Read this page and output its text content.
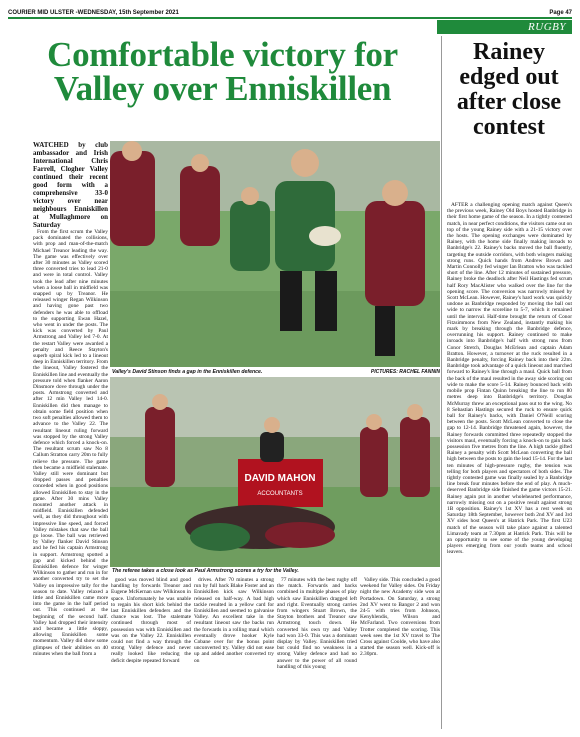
COURIER MID ULSTER -WEDNESDAY, 15th September 2021	Page 47
RUGBY
Comfortable victory for Valley over Enniskillen
Valley's David Stinson finds a gap in the Enniskillen defence.	PICTURES: RACHEL FANNIN
DAVID MAHON
ACCOUNTANTS
The referee takes a close look as Paul Armstrong scores a try for the Valley.

WATCHED by club ambassador and Irish International Chris Farrell, Clogher Valley continued their recent good form with a comprehensive 33-0 victory over near neighbours Enniskillen at Mullaghmore on Saturday

From the first scrum the Valley pack dominated the collisions, with prop and man-of-the-match Michael Treanor leading the way. The game was effectively over after 30 minutes as Valley scored three converted tries to lead 21-0 and were in total control. Valley took the lead after nine minutes when a loose ball in midfield was snapped up by Treanor. He released winger Regan Wilkinson and having gone past two defenders he was able to offload to the supporting Ewan Hazel, who went in under the posts. The kick was converted by Paul Armstrong and Valley led 7-0. At the restart Valley were awarded a penalty and Reece Stayton's superb spiral kick led to a lineout deep in Enniskillen territory. From the lineout, Valley fostered the Enniskillen line and eventually the pressure told when flanker Aaron Dinsmore dove through under the posts. Armstrong converted and after 12 min Valley led 14-0. Enniskillen did then manage to obtain some field position when two soft penalties allowed them to advance to the Valley 22. The resultant lineout ruling forward was stopped by the strong Valley defence which forced a knock-on. The resultant scrum saw No 8 Callum Stratton carry 20m to fully relieve the pressure. The game then became a midfield stalemate. Valley still were dominant but dropped passes and penalties conceded when in good positions allowed Enniskillen to stay in the game. After 30 mins Valley mounted another attack in midfield. Enniskillen defended well, as they did throughout with impressive line speed, and forced Valley mistakes that saw the ball go loose. The ball was retrieved by Valley flanker David Stinson and he fed his captain Armstrong in support. Armstrong spotted a gap and kicked behind the Enniskillen defence for winger Wilkinson to gather and run in for another converted try to set the Valley on impressive tally for the season to date. Valley relaxed a little and Enniskillen came more into the game in the half period out. This continued at the beginning of the second half. Valley had dropped their intensity and became a little sloppy, allowing Enniskillen some momentum. Valley did show some glimpses of their abilities on 40 minutes when the ball from a

good was moved blind and good handling by forwards Treanor and Eugene McKernan saw Wilkinson in space. Unfortunately he was unable to regain his short kick behind the last Enniskillen defenders and the chance was lost. The stalemate continued through most of possession was with Enniskillen and was on the Valley 22. Enniskillen could not find a way through the strong Valley defence and never really looked like reducing the deficit despite repeated forward

drives. After 70 minutes a strong run by full back Blake Foster and an Enniskillen kick saw Wilkinson released on half-way. A bad high tackle resulted in a yellow card for Enniskillen and seemed to galvanise Valley. An excellent take in the resultant lineout saw the backs run the forwards in a rolling maul which eventually drove hooker Kyle Cobane over for the bonus point unconverted try. Valley did not ease up and added another converted try on

77 minutes with the best rugby off the match. Forwards and backs combined in multiple phases of play which saw Enniskillen dragged left and right. Eventually strong carries from wingers Stuart Brown, the Stayton brothers and Treanor saw Armstrong touch down. He converted his own try and Valley had won 33-0. This was a dominant display by Valley. Enniskillen tried but could find no weakness in a strong Valley defence and had no answer to the power of all round handling of this young

Valley side. This concluded a good weekend for Valley sides. On Friday night the new Academy side won at Portadown. On Saturday, a strong 2nd XV went to Bangor 2 and won 24-5 with tries from Johnson, Kenyhlendis, Wilson and McFarland. Two conversions from Trotter completed the scoring. This week sees the 1st XV travel to The Cross against Coolde, who have also started the season well. Kick-off is 2.30pm.

Rainey edged out after close contest

AFTER a challenging opening match against Queen's the previous week, Rainey Old Boys hosted Banbridge in their first home game of the season. In a tightly contested match, in near perfect conditions, the visitors came out on top of the young Rainey side with a 21-15 victory over the hosts. The opening exchanges were dominated by Rainey, with the home side finally making inroads to Banbridge's 22. Rainey's backs moved the ball fluently, targeting the outside corridors, with both wingers making strong runs. Quick hands from Andrew Brown and Martin Connolly fed winger Ian Bratton who was tackled short of the line. After 12 minutes of sustained pressure, Rainey broke the deadlock after Neil Hastings fed scrum half Rory MacAlister who walked over the line for the opening score. The conversion was narrowly missed by Scott McLean. However, Rainey's hard work was quickly undone as Banbridge responded by moving the ball out wide to narrow the scoreline to 5-7, which it remained until the interval. Half-time brought the return of Conor Fitzsimmons from New Zealand, instantly making his mark by breaking through the Banbridge defence, overrunning his support. Rainey continued to make inroads into Banbridge's half with strong runs from Conor Stretch, Douglas McErlean and captain Adam Bratton. However, a turnover at the ruck resulted in a Banbridge penalty, forcing Rainey back into their 22m. Banbridge took advantage of a quick lineout and marched forward to Rainey's line through a maul. Quick ball from the back of the maul resulted in the away side scoring out wide to make the score 5-14. Rainey bounced back with mobile prop Fintan Quinn breaking the line to run 80 metres deep into Banbridge's territory. Douglas McMurray threw an exceptional pass out to the wing. No 8 Sebastian Hastings secured the ruck to ensure quick ball for Rainey's backs, with Daniel O'Neill scoring between the posts. Scott McLean converted to close the gap to 12-14. Banbridge threatened again, however, the Rainey forwards committed three repeatedly stopped the visitors maul, eventually forcing a knock-on to gain back possession five metres from the line. A high tackle gifted Rainey a penalty with Scott McLean converting the ball high between the posts to gain the lead 15-14. For the last ten minutes of high-pressure rugby, the tension was telling for both players and spectators of both sides. The tightly contested game was finally sealed by a Banbridge line break four minutes before the end of play. A much-deserved Banbridge side finished the game victors 15-21. Rainey again put in another wholehearted performance, narrowly missing out on a positive result against strong 1B opposition. Rainey's 1st XV has a rest week on Saturday 18th September, however both 2nd XV and 3rd XV sides host Queen's at Hatrick Park. The first U23 match of the season will take place against a talented Limavady team at 7.30pm at Hatrick Park. This will be an opportunity to see some of the young developing players emerging from our youth teams and school leavers.
